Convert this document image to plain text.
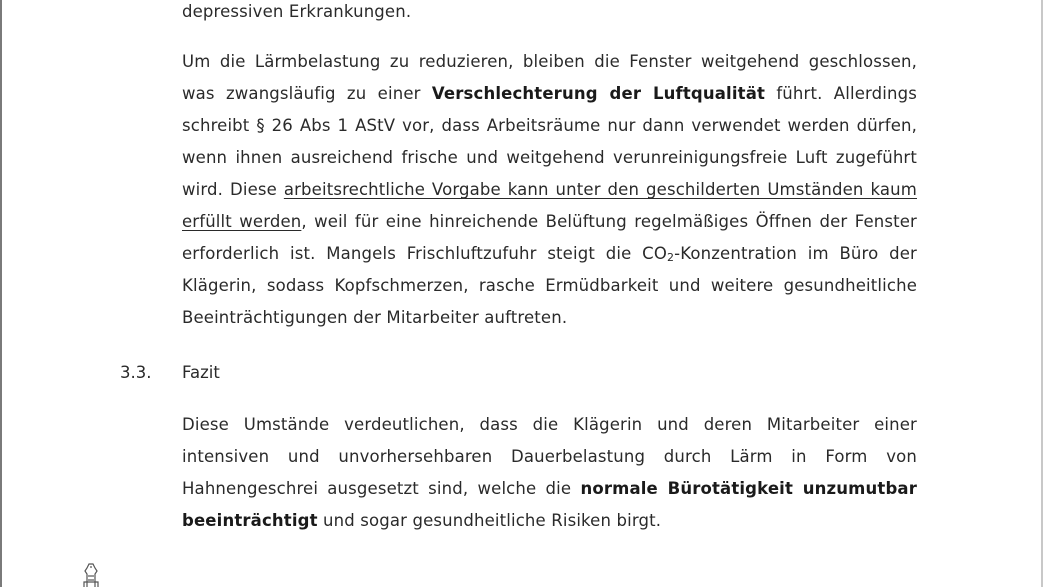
depressiven Erkrankungen.

Um die Lärmbelastung zu reduzieren, bleiben die Fenster weitgehend geschlossen, was zwangsläufig zu einer Verschlechterung der Luftqualität führt. Allerdings schreibt § 26 Abs 1 AStV vor, dass Arbeitsräume nur dann verwendet werden dürfen, wenn ihnen ausreichend frische und weitgehend verunreinigungsfreie Luft zugeführt wird. Diese arbeitsrechtliche Vorgabe kann unter den geschilderten Umständen kaum erfüllt werden, weil für eine hinreichende Belüftung regelmäßiges Öffnen der Fenster erforderlich ist. Mangels Frischluftzufuhr steigt die $CO_2$-Konzentration im Büro der Klägerin, sodass Kopfschmerzen, rasche Ermüdbarkeit und weitere gesundheitliche Beeinträchtigungen der Mitarbeiter auftreten.

3.3. Fazit

Diese Umstände verdeutlichen, dass die Klägerin und deren Mitarbeiter einer intensiven und unvorhersehbaren Dauerbelastung durch Lärm in Form von Hahnengeschrei ausgesetzt sind, welche die normale Bürotätigkeit unzumutbar beeinträchtigt und sogar gesundheitliche Risiken birgt.
